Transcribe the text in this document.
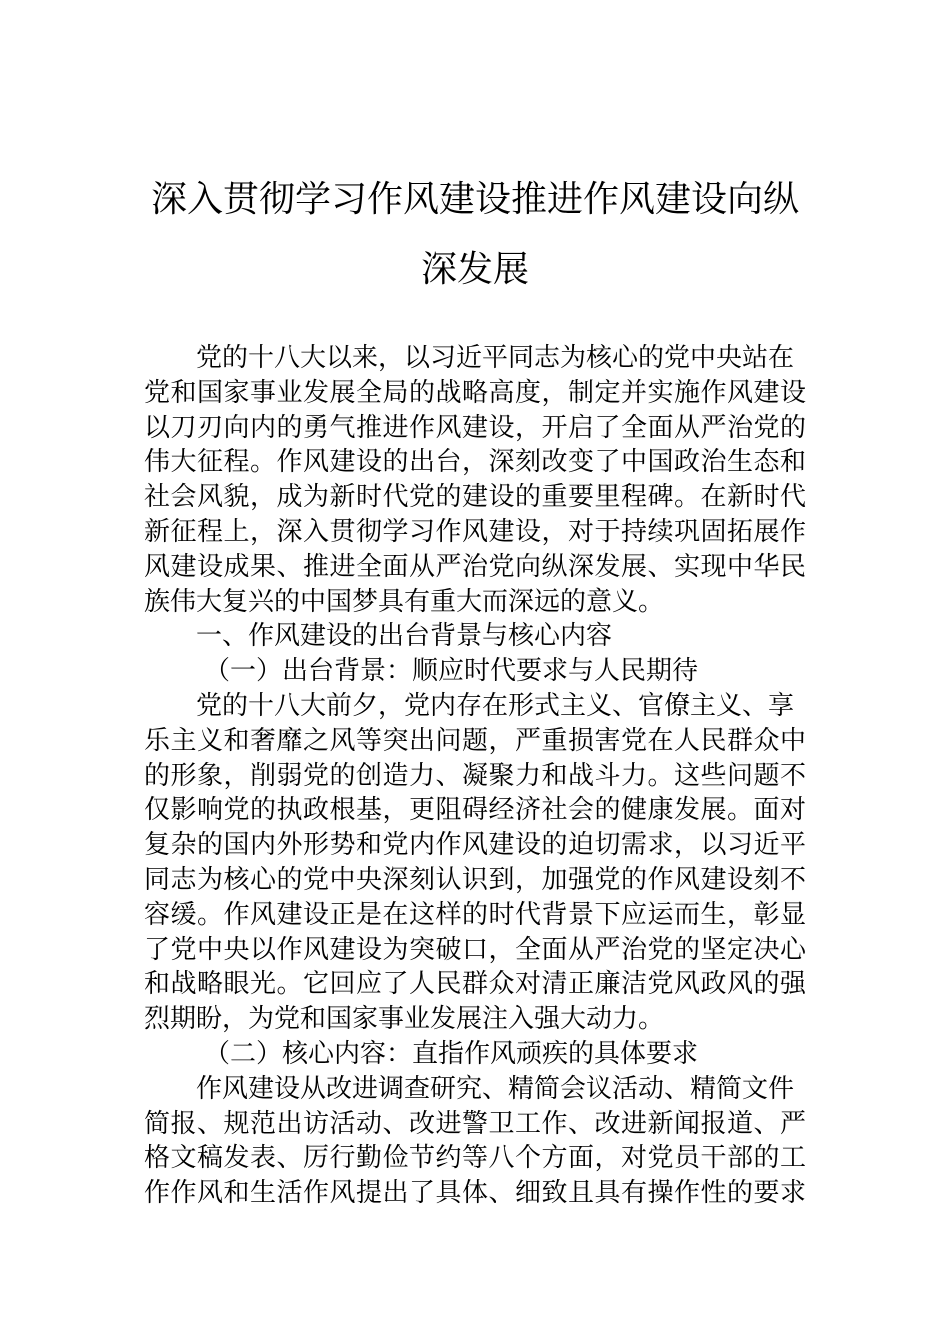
深入贯彻学习作风建设推进作风建设向纵
深发展
党的十八大以来，以习近平同志为核心的党中央站在
党和国家事业发展全局的战略高度，制定并实施作风建设
以刀刃向内的勇气推进作风建设，开启了全面从严治党的
伟大征程。作风建设的出台，深刻改变了中国政治生态和
社会风貌，成为新时代党的建设的重要里程碑。在新时代
新征程上，深入贯彻学习作风建设，对于持续巩固拓展作
风建设成果、推进全面从严治党向纵深发展、实现中华民
族伟大复兴的中国梦具有重大而深远的意义。
一、作风建设的出台背景与核心内容
（一）出台背景：顺应时代要求与人民期待
党的十八大前夕，党内存在形式主义、官僚主义、享
乐主义和奢靡之风等突出问题，严重损害党在人民群众中
的形象，削弱党的创造力、凝聚力和战斗力。这些问题不
仅影响党的执政根基，更阻碍经济社会的健康发展。面对
复杂的国内外形势和党内作风建设的迫切需求，以习近平
同志为核心的党中央深刻认识到，加强党的作风建设刻不
容缓。作风建设正是在这样的时代背景下应运而生，彰显
了党中央以作风建设为突破口，全面从严治党的坚定决心
和战略眼光。它回应了人民群众对清正廉洁党风政风的强
烈期盼，为党和国家事业发展注入强大动力。
（二）核心内容：直指作风顽疾的具体要求
作风建设从改进调查研究、精简会议活动、精简文件
简报、规范出访活动、改进警卫工作、改进新闻报道、严
格文稿发表、厉行勤俭节约等八个方面，对党员干部的工
作作风和生活作风提出了具体、细致且具有操作性的要求
